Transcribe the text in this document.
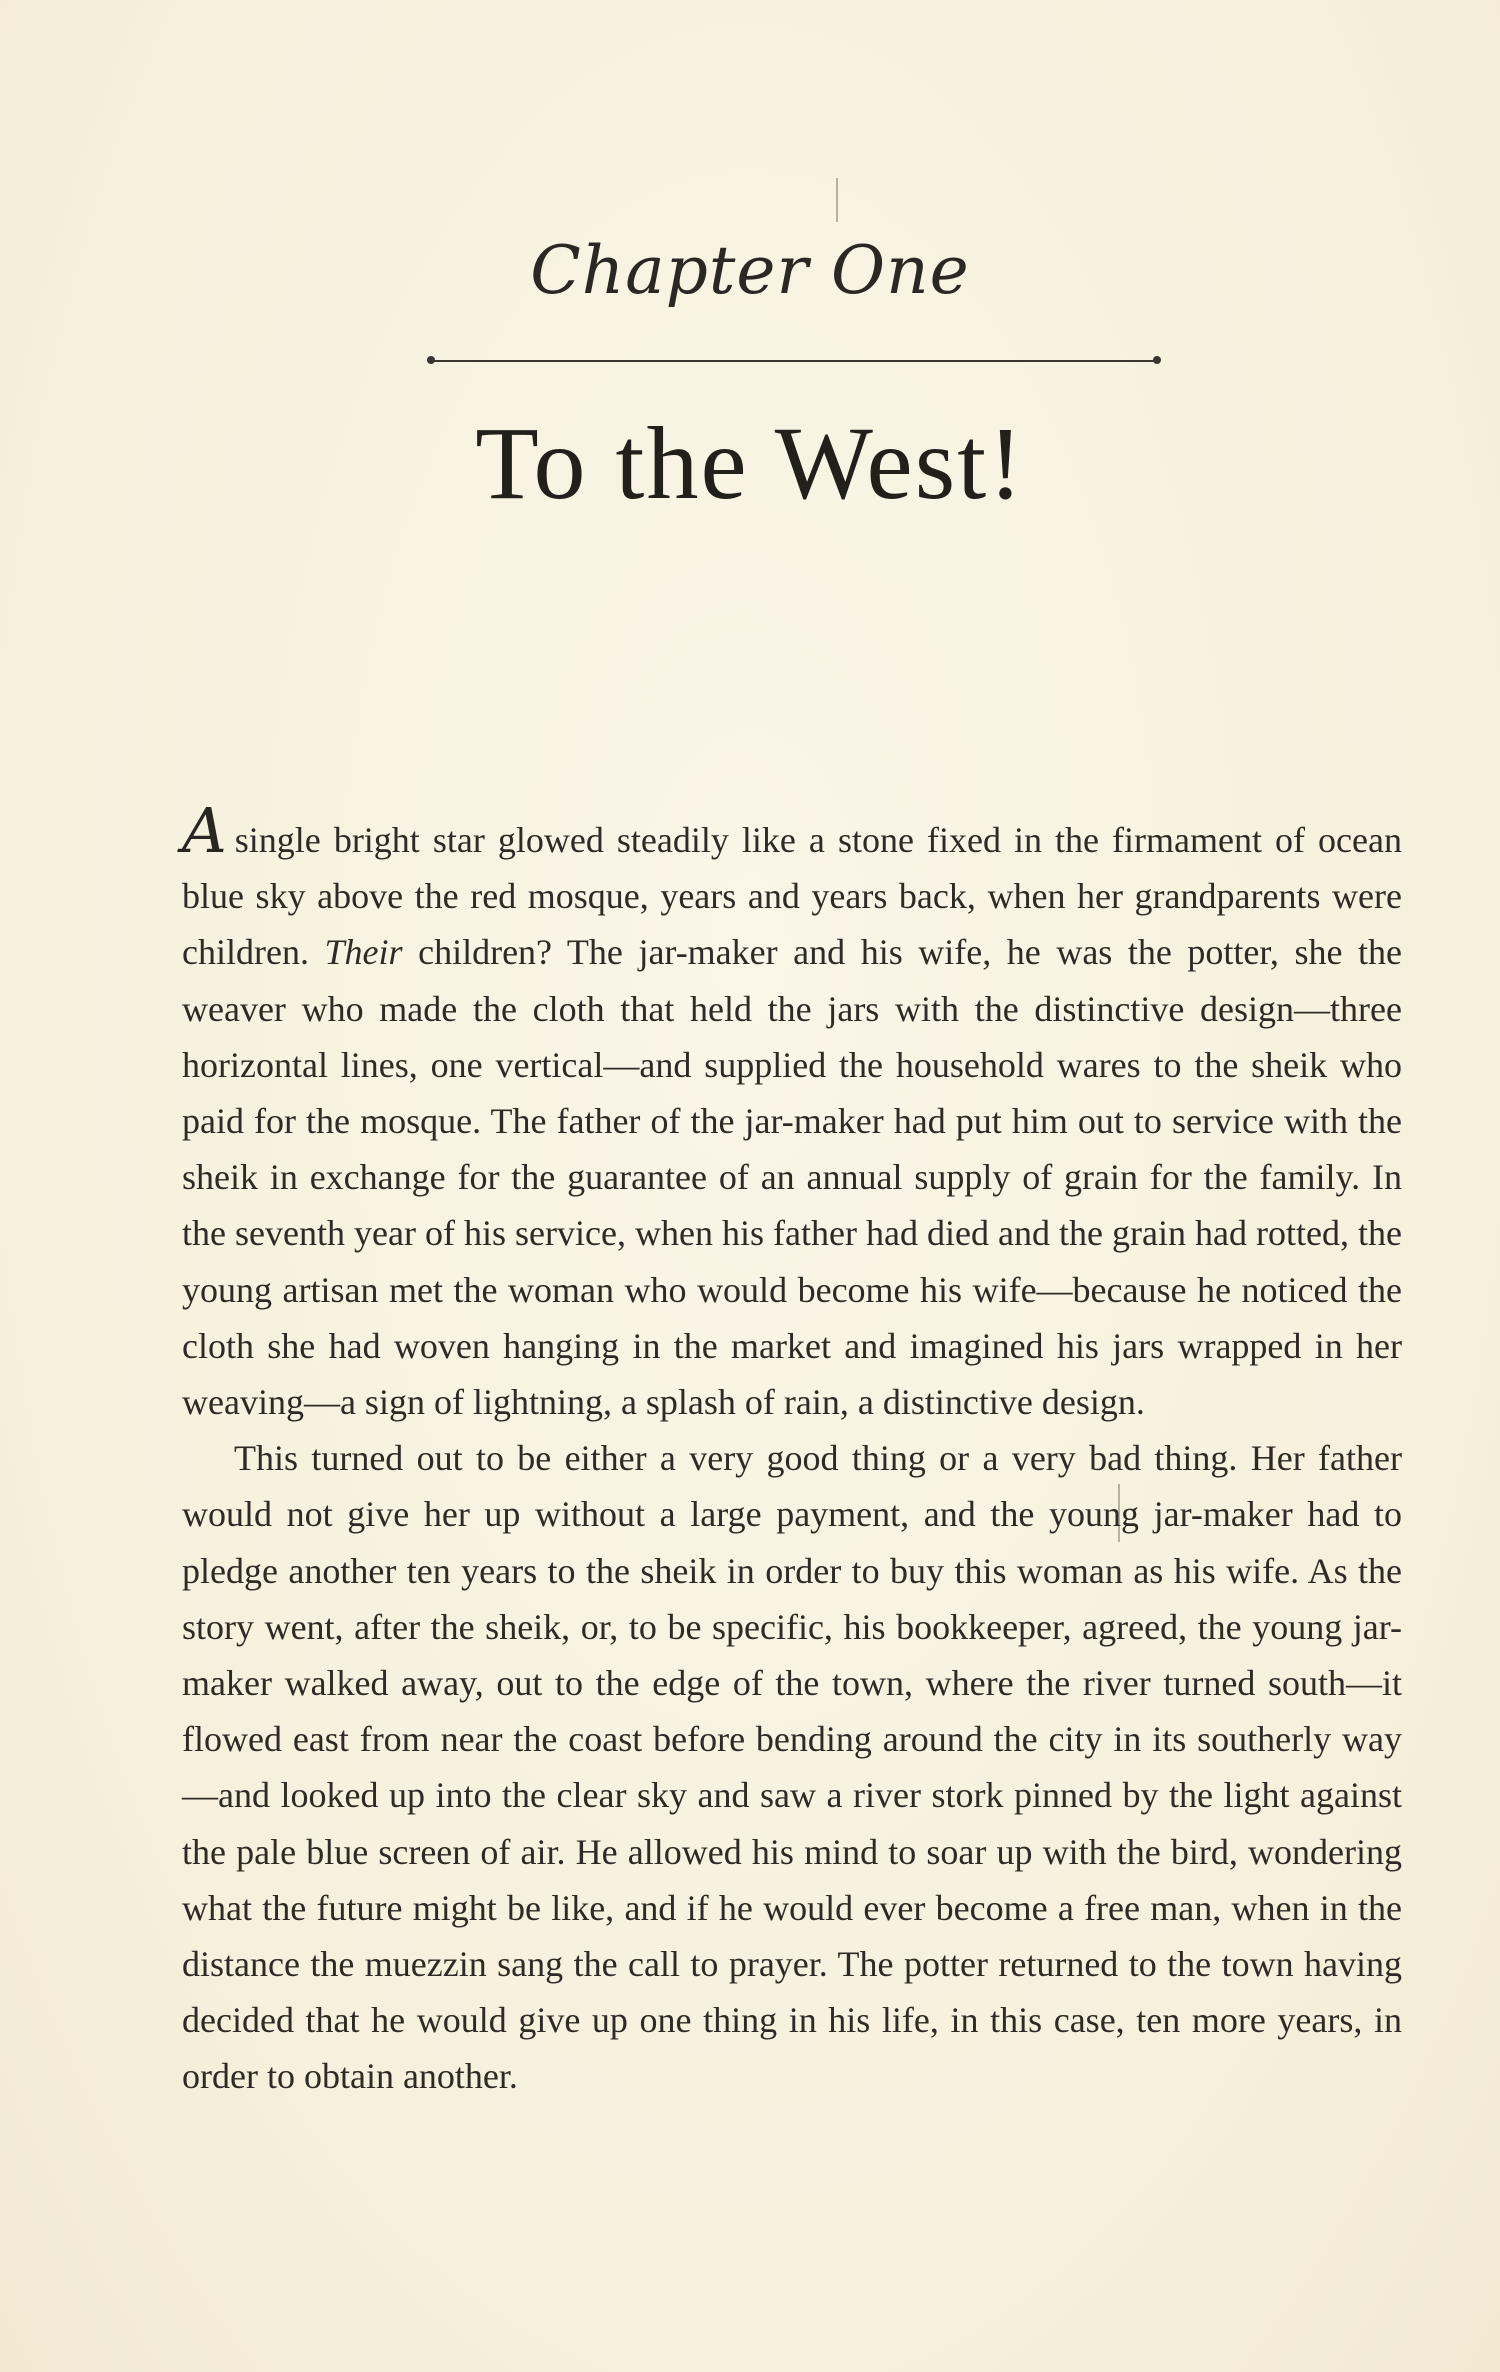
Chapter One
To the West!

Asingle bright star glowed steadily like a stone fixed in the firmament of ocean blue sky above the red mosque, years and years back, when her grandparents were children. Their children? The jar-maker and his wife, he was the potter, she the weaver who made the cloth that held the jars with the distinctive design—three horizontal lines, one vertical—and supplied the household wares to the sheik who paid for the mosque. The father of the jar-maker had put him out to service with the sheik in exchange for the guarantee of an annual supply of grain for the family. In the seventh year of his service, when his father had died and the grain had rotted, the young artisan met the woman who would become his wife—because he noticed the cloth she had woven hanging in the market and imagined his jars wrapped in her weaving—a sign of lightning, a splash of rain, a distinctive design.

This turned out to be either a very good thing or a very bad thing. Her father would not give her up without a large payment, and the young jar-maker had to pledge another ten years to the sheik in order to buy this woman as his wife. As the story went, after the sheik, or, to be specific, his bookkeeper, agreed, the young jar-maker walked away, out to the edge of the town, where the river turned south—it flowed east from near the coast before bending around the city in its southerly way—and looked up into the clear sky and saw a river stork pinned by the light against the pale blue screen of air. He allowed his mind to soar up with the bird, wondering what the future might be like, and if he would ever become a free man, when in the distance the muezzin sang the call to prayer. The potter returned to the town having decided that he would give up one thing in his life, in this case, ten more years, in order to obtain another.
